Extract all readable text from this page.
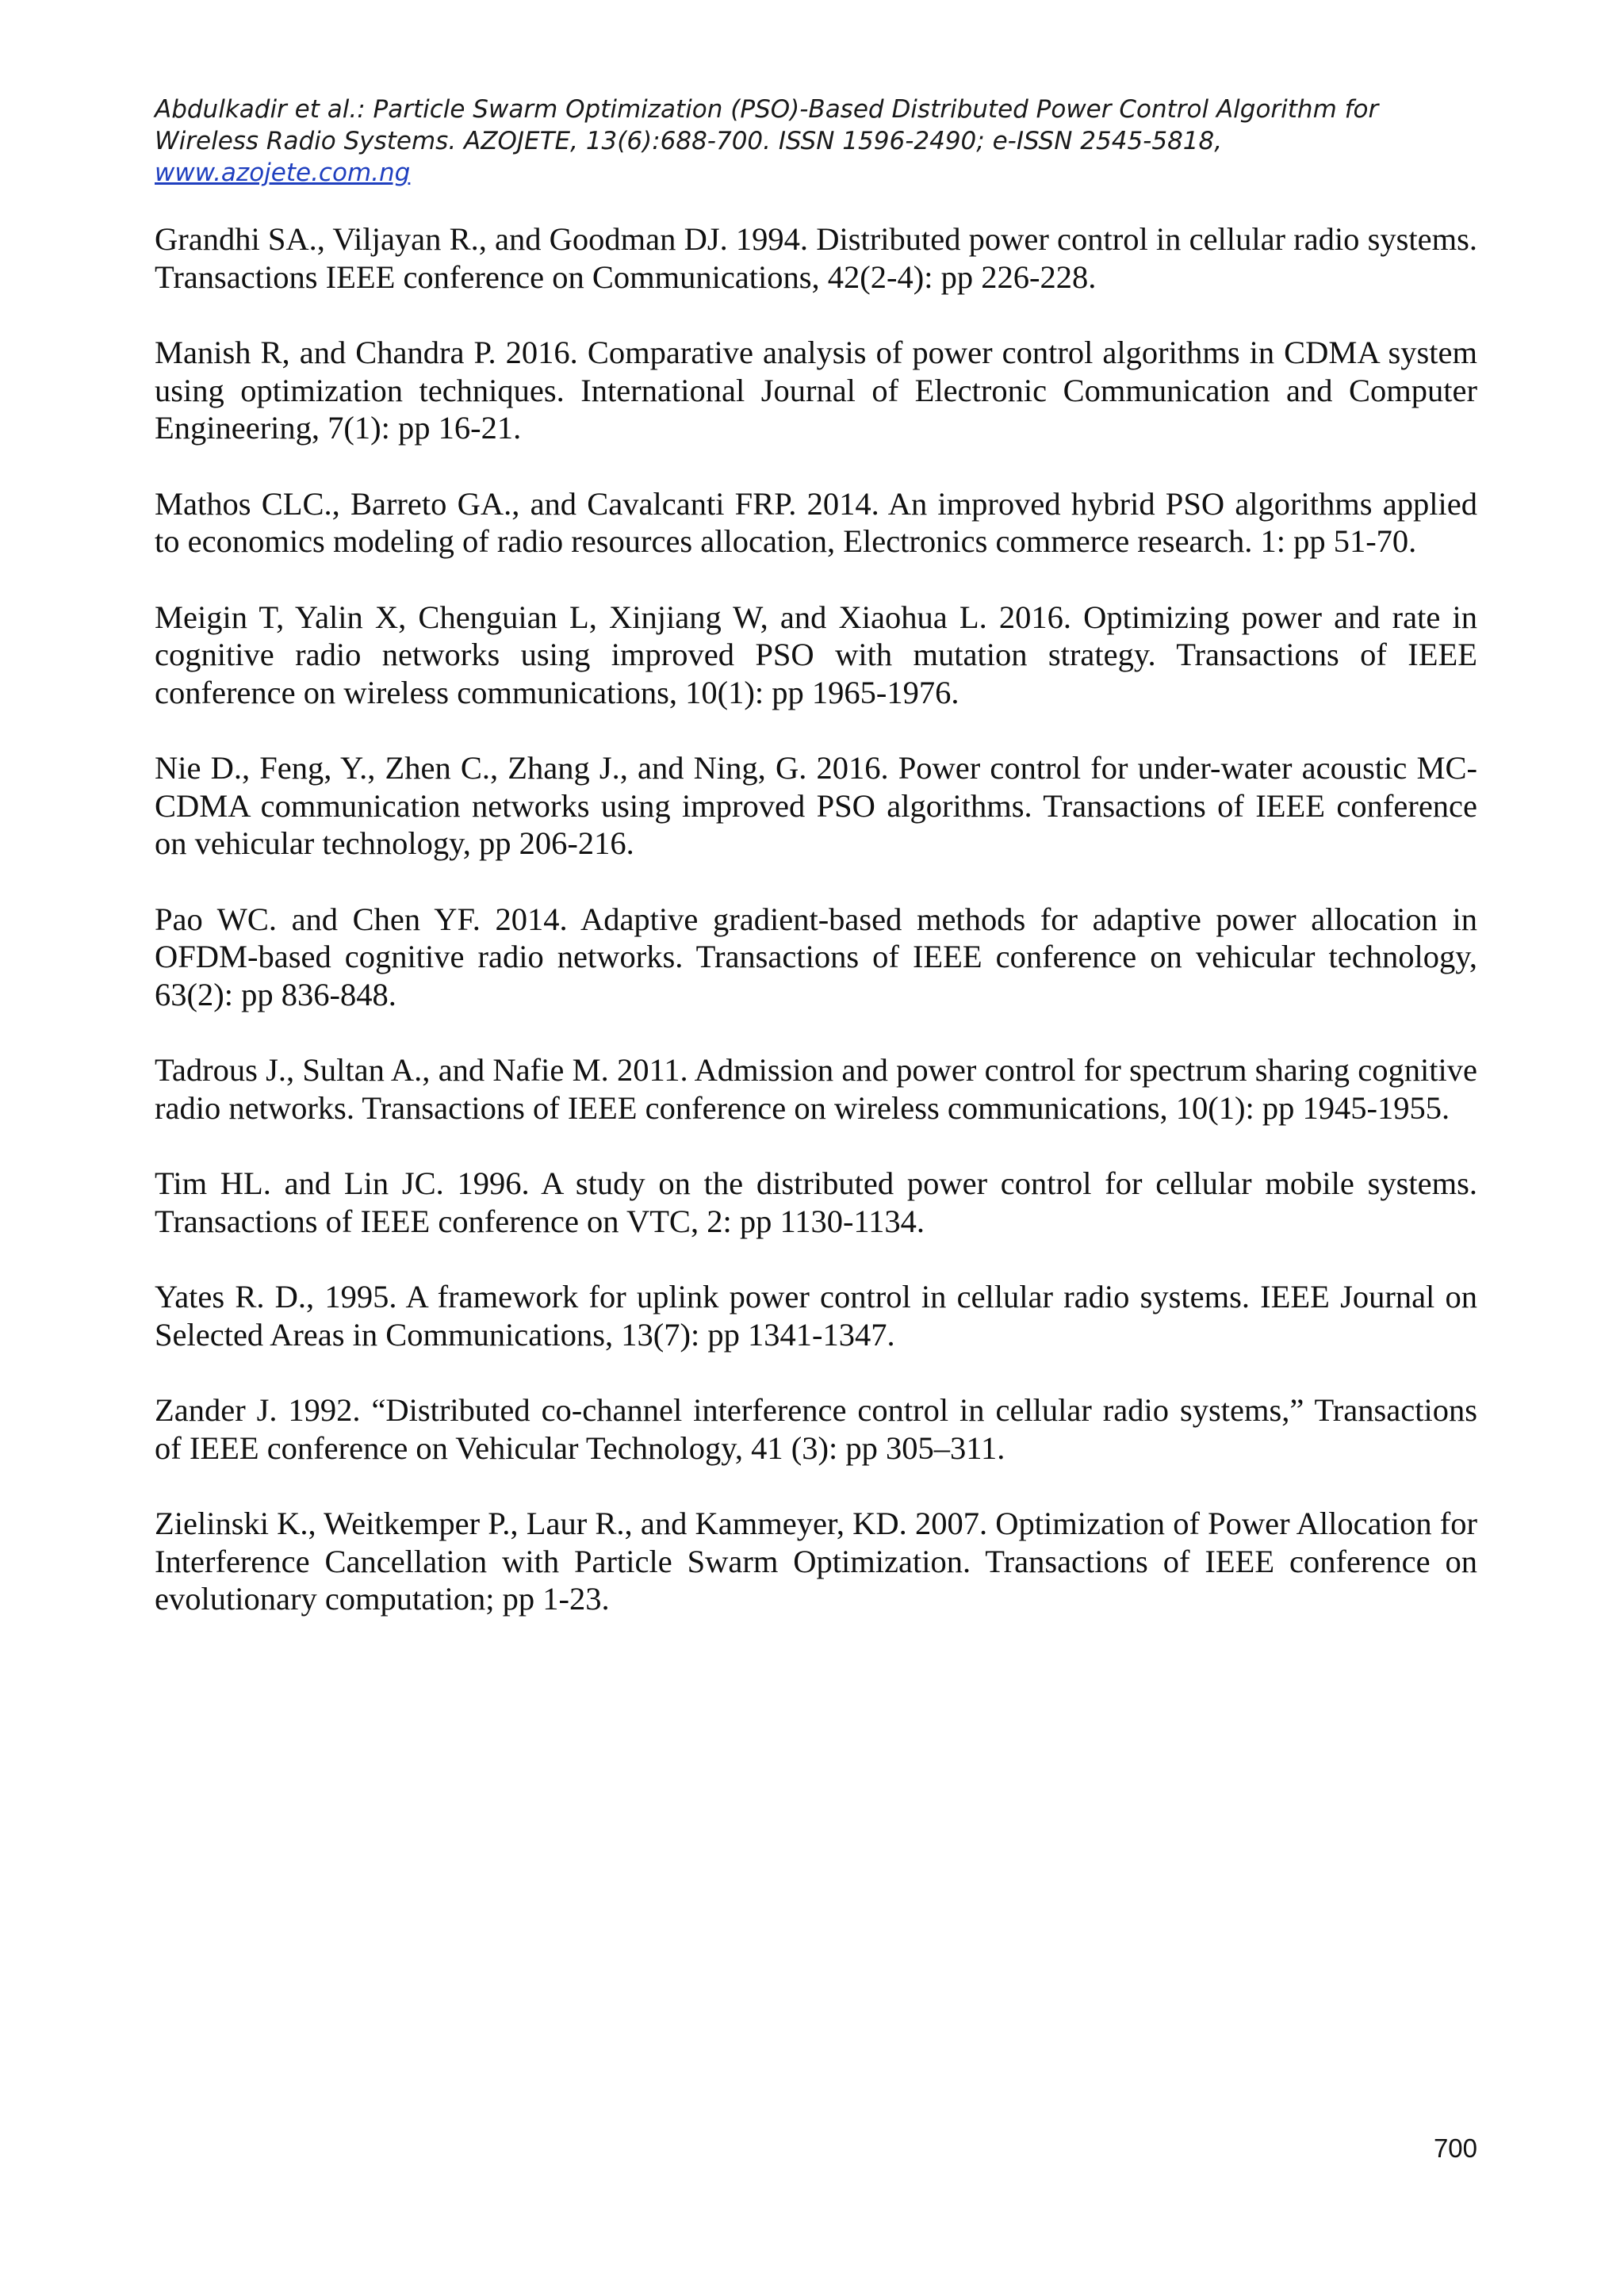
Abdulkadir et al.: Particle Swarm Optimization (PSO)-Based Distributed Power Control Algorithm for
Wireless Radio Systems. AZOJETE, 13(6):688-700. ISSN 1596-2490; e-ISSN 2545-5818,
www.azojete.com.ng

Grandhi SA., Viljayan R., and Goodman DJ. 1994. Distributed power control in cellular radio systems. Transactions IEEE conference on Communications, 42(2-4): pp 226-228.

Manish R, and Chandra P. 2016. Comparative analysis of power control algorithms in CDMA system using optimization techniques. International Journal of Electronic Communication and Computer Engineering, 7(1): pp 16-21.

Mathos CLC., Barreto GA., and Cavalcanti FRP. 2014. An improved hybrid PSO algorithms applied to economics modeling of radio resources allocation, Electronics commerce research. 1: pp 51-70.

Meigin T, Yalin X, Chenguian L, Xinjiang W, and Xiaohua L. 2016. Optimizing power and rate in cognitive radio networks using improved PSO with mutation strategy. Transactions of IEEE conference on wireless communications, 10(1): pp 1965-1976.

Nie D., Feng, Y., Zhen C., Zhang J., and Ning, G. 2016. Power control for under-water acoustic MC-CDMA communication networks using improved PSO algorithms. Transactions of IEEE conference on vehicular technology, pp 206-216.

Pao WC. and Chen YF. 2014. Adaptive gradient-based methods for adaptive power allocation in OFDM-based cognitive radio networks. Transactions of IEEE conference on vehicular technology, 63(2): pp 836-848.

Tadrous J., Sultan A., and Nafie M. 2011. Admission and power control for spectrum sharing cognitive radio networks. Transactions of IEEE conference on wireless communications, 10(1): pp 1945-1955.

Tim HL. and Lin JC. 1996. A study on the distributed power control for cellular mobile systems. Transactions of IEEE conference on VTC, 2: pp 1130-1134.

Yates R. D., 1995. A framework for uplink power control in cellular radio systems. IEEE Journal on Selected Areas in Communications, 13(7): pp 1341-1347.

Zander J. 1992. “Distributed co-channel interference control in cellular radio systems,” Transactions of IEEE conference on Vehicular Technology, 41 (3): pp 305–311.

Zielinski K., Weitkemper P., Laur R., and Kammeyer, KD. 2007. Optimization of Power Allocation for Interference Cancellation with Particle Swarm Optimization. Transactions of IEEE conference on evolutionary computation; pp 1-23.

700
